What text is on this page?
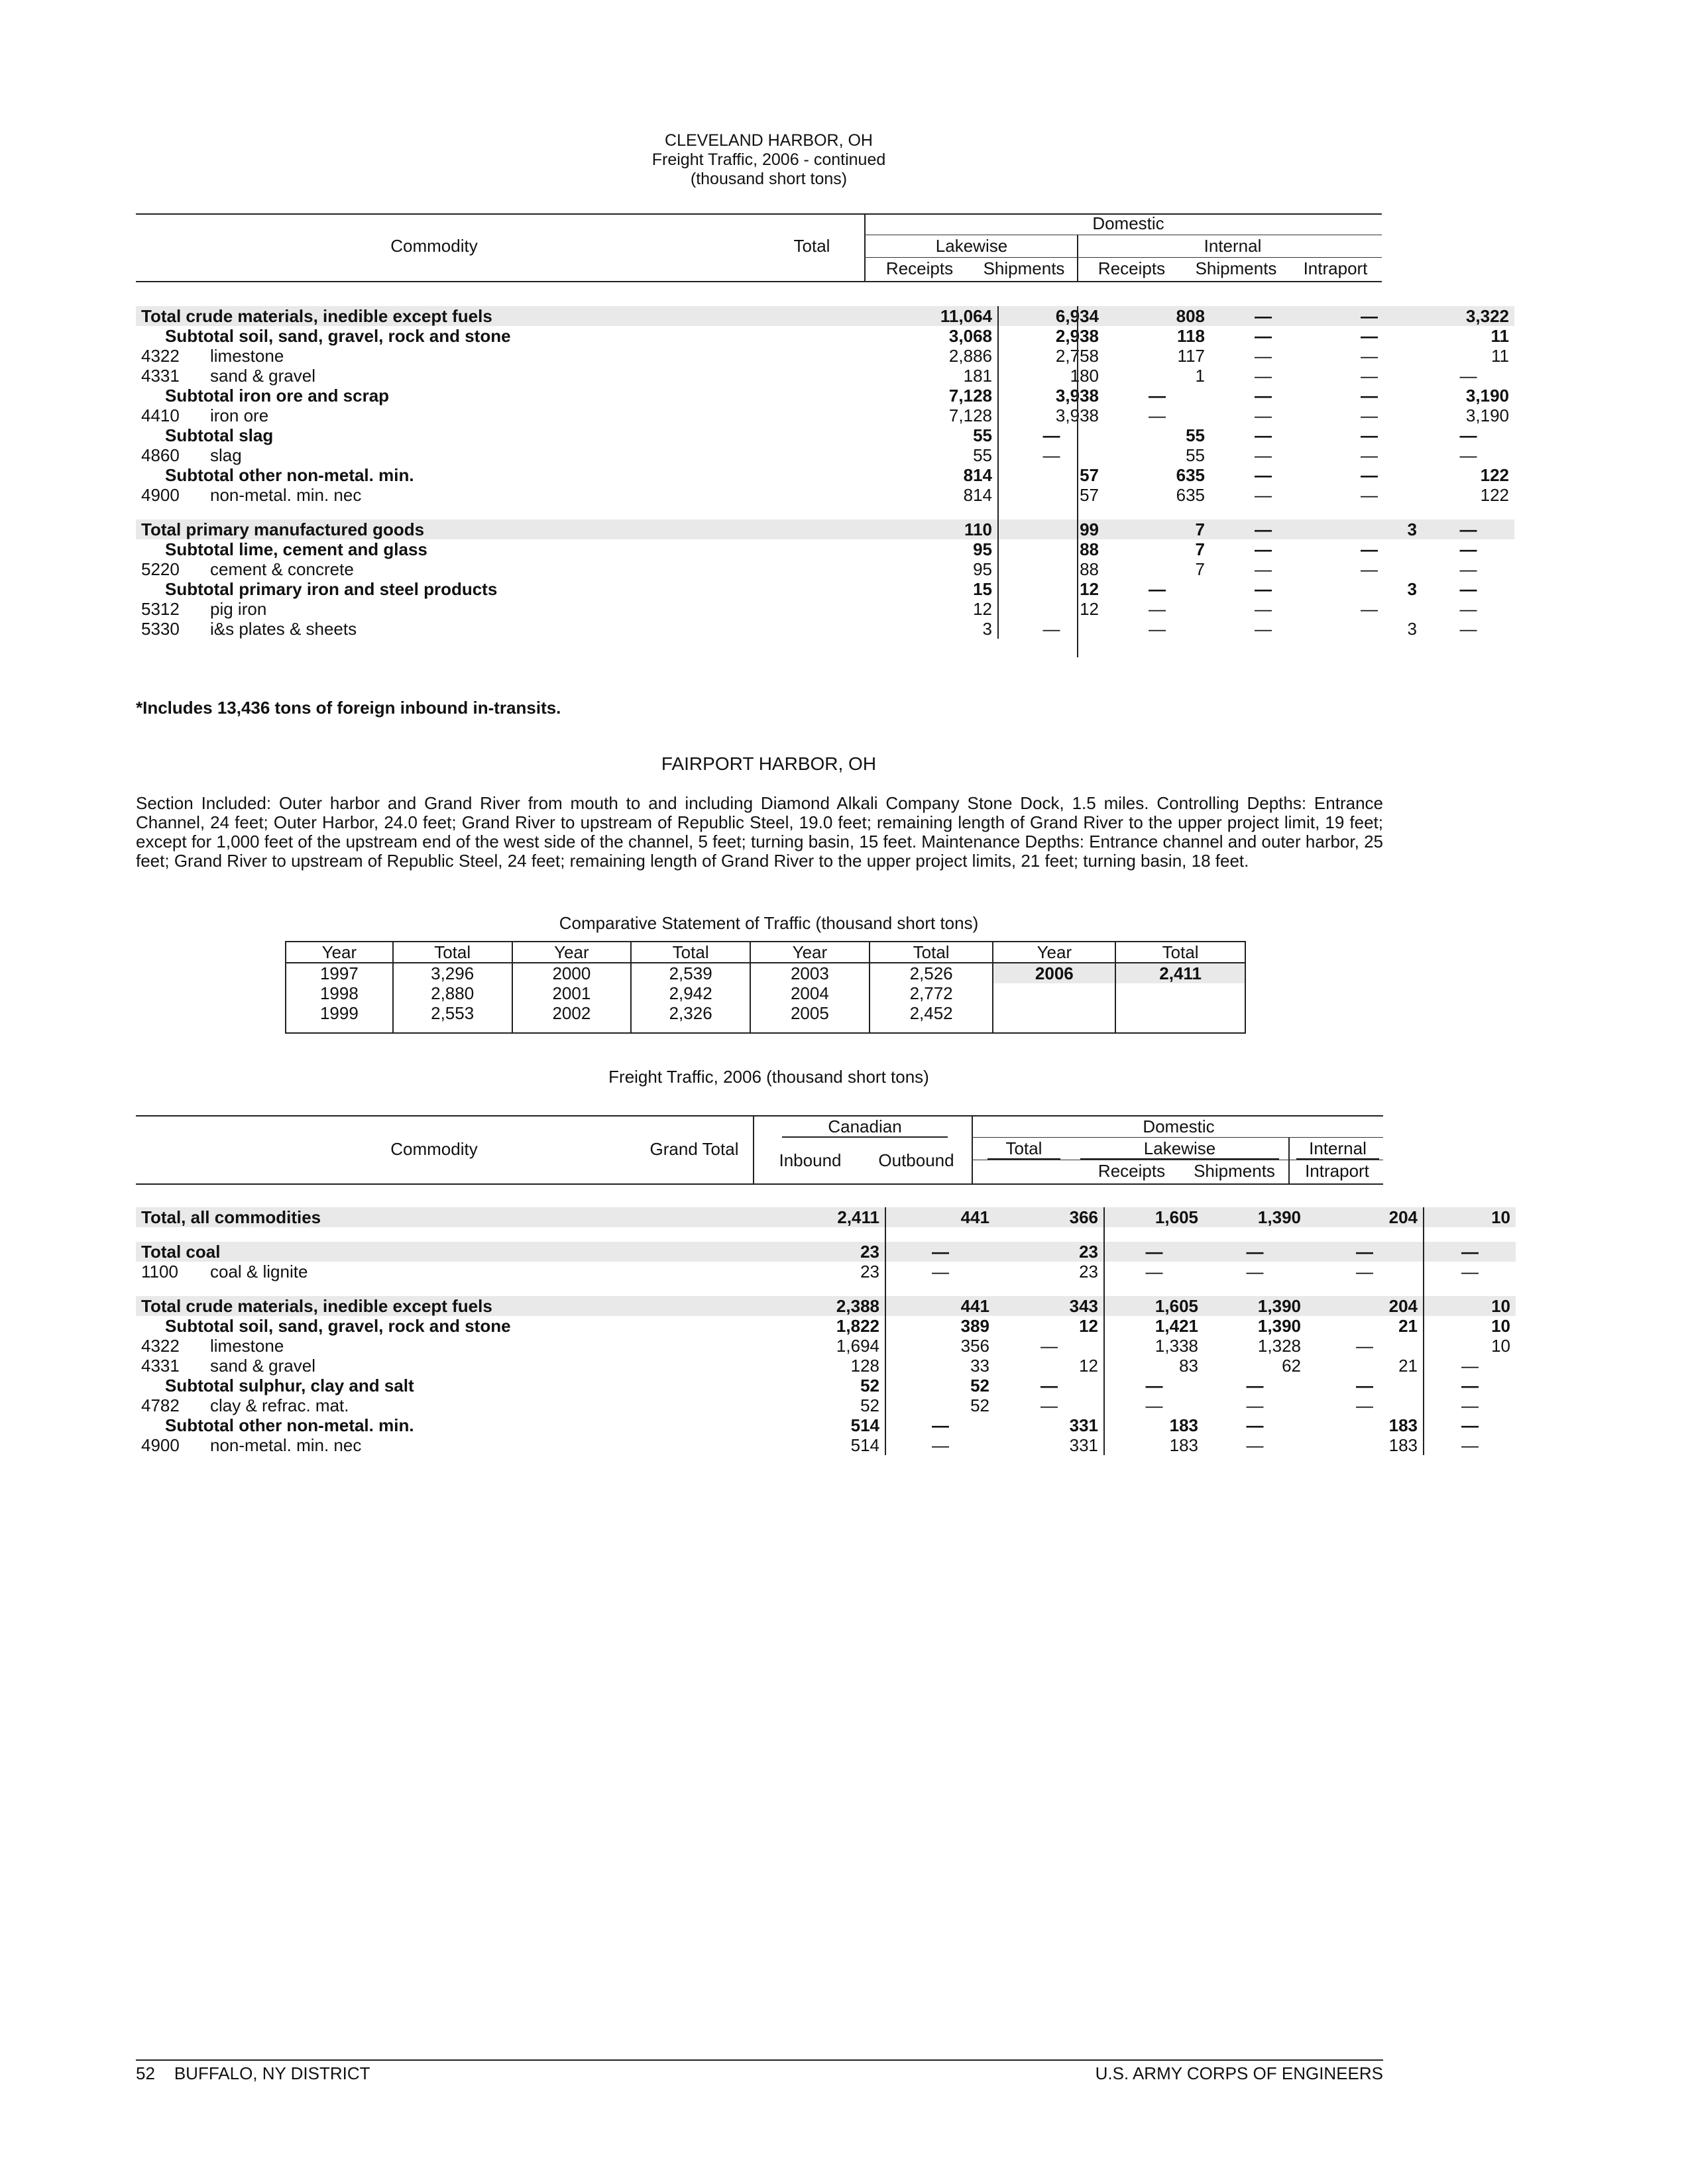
CLEVELAND HARBOR, OH
Freight Traffic, 2006 - continued
(thousand short tons)
Domestic
Commodity	Total	Lakewise	Internal
Receipts	Shipments	Receipts	Shipments	Intraport
Total crude materials, inedible except fuels	11,064	6,934	808	—	—	3,322
Subtotal soil, sand, gravel, rock and stone	3,068	2,938	118	—	—	11
4322 limestone	2,886	2,758	117	—	—	11
4331 sand & gravel	181	180	1	—	—	—
Subtotal iron ore and scrap	7,128	3,938	—	—	—	3,190
4410 iron ore	7,128	3,938	—	—	—	3,190
Subtotal slag	55	—	55	—	—	—
4860 slag	55	—	55	—	—	—
Subtotal other non-metal. min.	814	57	635	—	—	122
4900 non-metal. min. nec	814	57	635	—	—	122

Total primary manufactured goods	110	99	7	—	3	—
Subtotal lime, cement and glass	95	88	7	—	—	—
5220 cement & concrete	95	88	7	—	—	—
Subtotal primary iron and steel products	15	12	—	—	3	—
5312 pig iron	12	12	—	—	—	—
5330 i&s plates & sheets	3	—	—	—	3	—
*Includes 13,436 tons of foreign inbound in-transits.
FAIRPORT HARBOR, OH
Section Included: Outer harbor and Grand River from mouth to and including Diamond Alkali Company Stone Dock, 1.5 miles. Controlling Depths: Entrance Channel, 24 feet; Outer Harbor, 24.0 feet; Grand River to upstream of Republic Steel, 19.0 feet; remaining length of Grand River to the upper project limit, 19 feet; except for 1,000 feet of the upstream end of the west side of the channel, 5 feet; turning basin, 15 feet. Maintenance Depths: Entrance channel and outer harbor, 25 feet; Grand River to upstream of Republic Steel, 24 feet; remaining length of Grand River to the upper project limits, 21 feet; turning basin, 18 feet.
Comparative Statement of Traffic (thousand short tons)
Year	Total	Year	Total	Year	Total	Year	Total
1997	3,296	2000	2,539	2003	2,526	2006	2,411
1998	2,880	2001	2,942	2004	2,772		
1999	2,553	2002	2,326	2005	2,452		

Freight Traffic, 2006 (thousand short tons)
Commodity	Grand Total
Canadian
Inbound	Outbound
Domestic
Total	Lakewise	Internal
Receipts	Shipments	Intraport
Total, all commodities	2,411	441	366	1,605	1,390	204	10

Total coal	23	—	23	—	—	—	—
1100 coal & lignite	23	—	23	—	—	—	—

Total crude materials, inedible except fuels	2,388	441	343	1,605	1,390	204	10
Subtotal soil, sand, gravel, rock and stone	1,822	389	12	1,421	1,390	21	10
4322 limestone	1,694	356	—	1,338	1,328	—	10
4331 sand & gravel	128	33	12	83	62	21	—
Subtotal sulphur, clay and salt	52	52	—	—	—	—	—
4782 clay & refrac. mat.	52	52	—	—	—	—	—
Subtotal other non-metal. min.	514	—	331	183	—	183	—
4900 non-metal. min. nec	514	—	331	183	—	183	—
52 BUFFALO, NY DISTRICT	U.S. ARMY CORPS OF ENGINEERS
